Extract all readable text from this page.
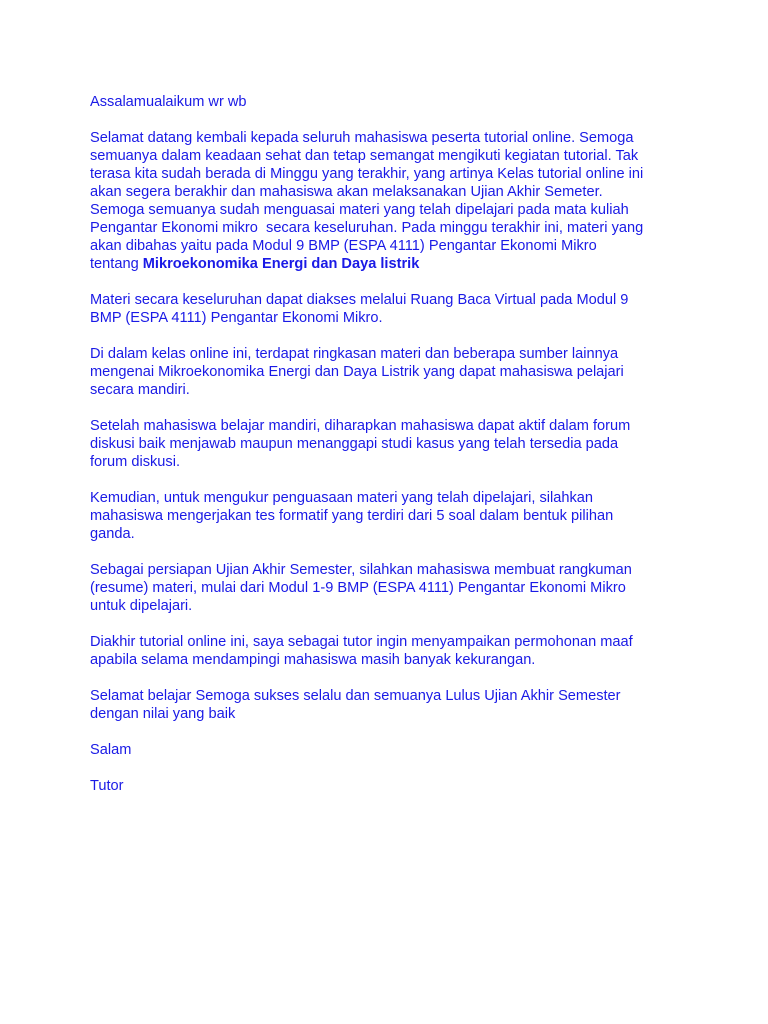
Assalamualaikum wr wb
Selamat datang kembali kepada seluruh mahasiswa peserta tutorial online. Semoga
semuanya dalam keadaan sehat dan tetap semangat mengikuti kegiatan tutorial. Tak
terasa kita sudah berada di Minggu yang terakhir, yang artinya Kelas tutorial online ini
akan segera berakhir dan mahasiswa akan melaksanakan Ujian Akhir Semeter.
Semoga semuanya sudah menguasai materi yang telah dipelajari pada mata kuliah
Pengantar Ekonomi mikro  secara keseluruhan. Pada minggu terakhir ini, materi yang
akan dibahas yaitu pada Modul 9 BMP (ESPA 4111) Pengantar Ekonomi Mikro
tentang Mikroekonomika Energi dan Daya listrik
Materi secara keseluruhan dapat diakses melalui Ruang Baca Virtual pada Modul 9
BMP (ESPA 4111) Pengantar Ekonomi Mikro.
Di dalam kelas online ini, terdapat ringkasan materi dan beberapa sumber lainnya
mengenai Mikroekonomika Energi dan Daya Listrik yang dapat mahasiswa pelajari
secara mandiri.
Setelah mahasiswa belajar mandiri, diharapkan mahasiswa dapat aktif dalam forum
diskusi baik menjawab maupun menanggapi studi kasus yang telah tersedia pada
forum diskusi.
Kemudian, untuk mengukur penguasaan materi yang telah dipelajari, silahkan
mahasiswa mengerjakan tes formatif yang terdiri dari 5 soal dalam bentuk pilihan
ganda.
Sebagai persiapan Ujian Akhir Semester, silahkan mahasiswa membuat rangkuman
(resume) materi, mulai dari Modul 1-9 BMP (ESPA 4111) Pengantar Ekonomi Mikro
untuk dipelajari.
Diakhir tutorial online ini, saya sebagai tutor ingin menyampaikan permohonan maaf
apabila selama mendampingi mahasiswa masih banyak kekurangan.
Selamat belajar Semoga sukses selalu dan semuanya Lulus Ujian Akhir Semester
dengan nilai yang baik
Salam
Tutor
